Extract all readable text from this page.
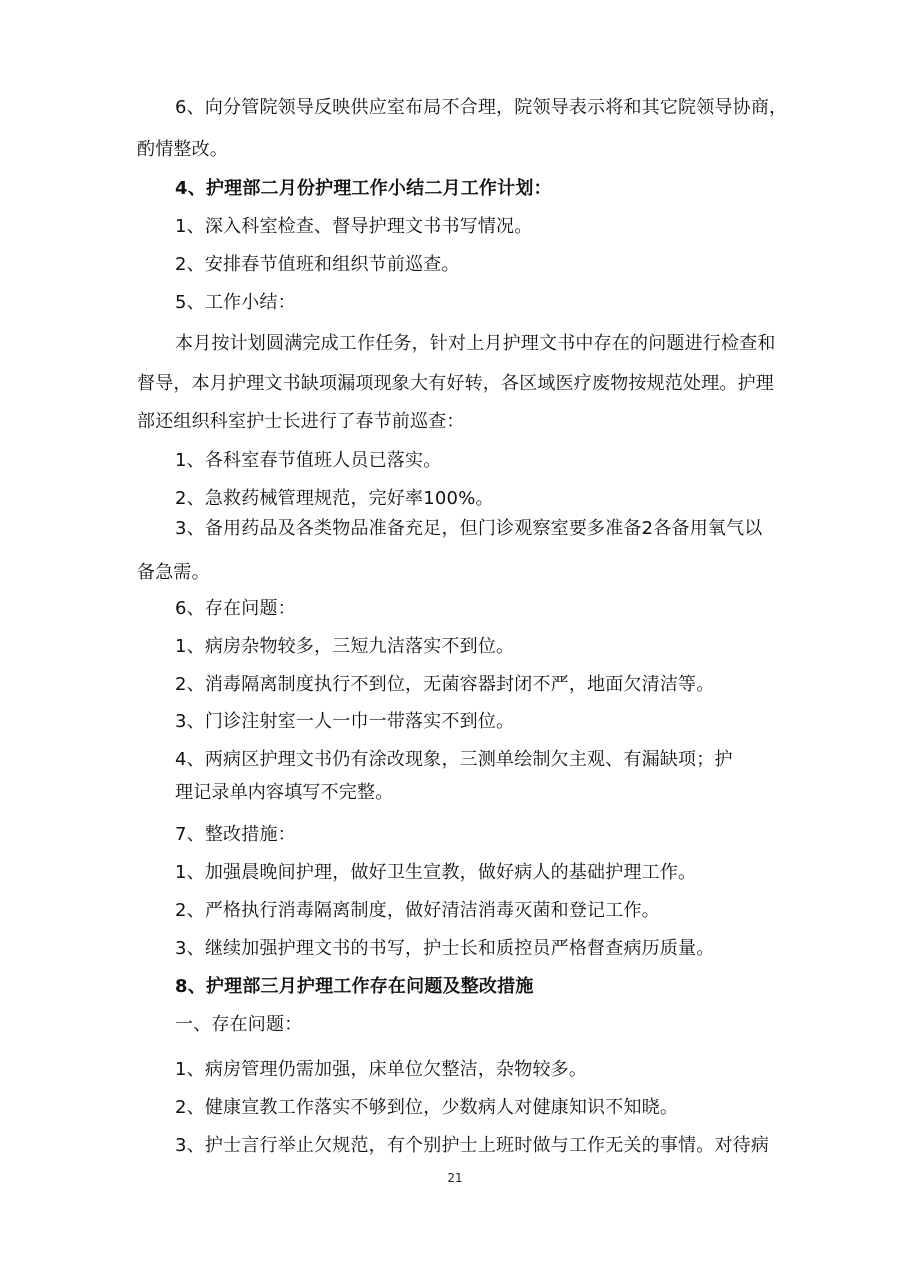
6、向分管院领导反映供应室布局不合理，院领导表示将和其它院领导协商，
酌情整改。
4、护理部二月份护理工作小结二月工作计划：
1、深入科室检查、督导护理文书书写情况。
2、安排春节值班和组织节前巡查。
5、工作小结：
本月按计划圆满完成工作任务，针对上月护理文书中存在的问题进行检查和
督导，本月护理文书缺项漏项现象大有好转，各区域医疗废物按规范处理。护理
部还组织科室护士长进行了春节前巡查：
1、各科室春节值班人员已落实。
2、急救药械管理规范，完好率100%。
3、备用药品及各类物品准备充足，但门诊观察室要多准备2各备用氧气以
备急需。
6、存在问题：
1、病房杂物较多，三短九洁落实不到位。
2、消毒隔离制度执行不到位，无菌容器封闭不严，地面欠清洁等。
3、门诊注射室一人一巾一带落实不到位。
4、两病区护理文书仍有涂改现象，三测单绘制欠主观、有漏缺项；护
理记录单内容填写不完整。
7、整改措施：
1、加强晨晚间护理，做好卫生宣教，做好病人的基础护理工作。
2、严格执行消毒隔离制度，做好清洁消毒灭菌和登记工作。
3、继续加强护理文书的书写，护士长和质控员严格督查病历质量。
8、护理部三月护理工作存在问题及整改措施
一、存在问题：
1、病房管理仍需加强，床单位欠整洁，杂物较多。
2、健康宣教工作落实不够到位，少数病人对健康知识不知晓。
3、护士言行举止欠规范，有个别护士上班时做与工作无关的事情。对待病
21
